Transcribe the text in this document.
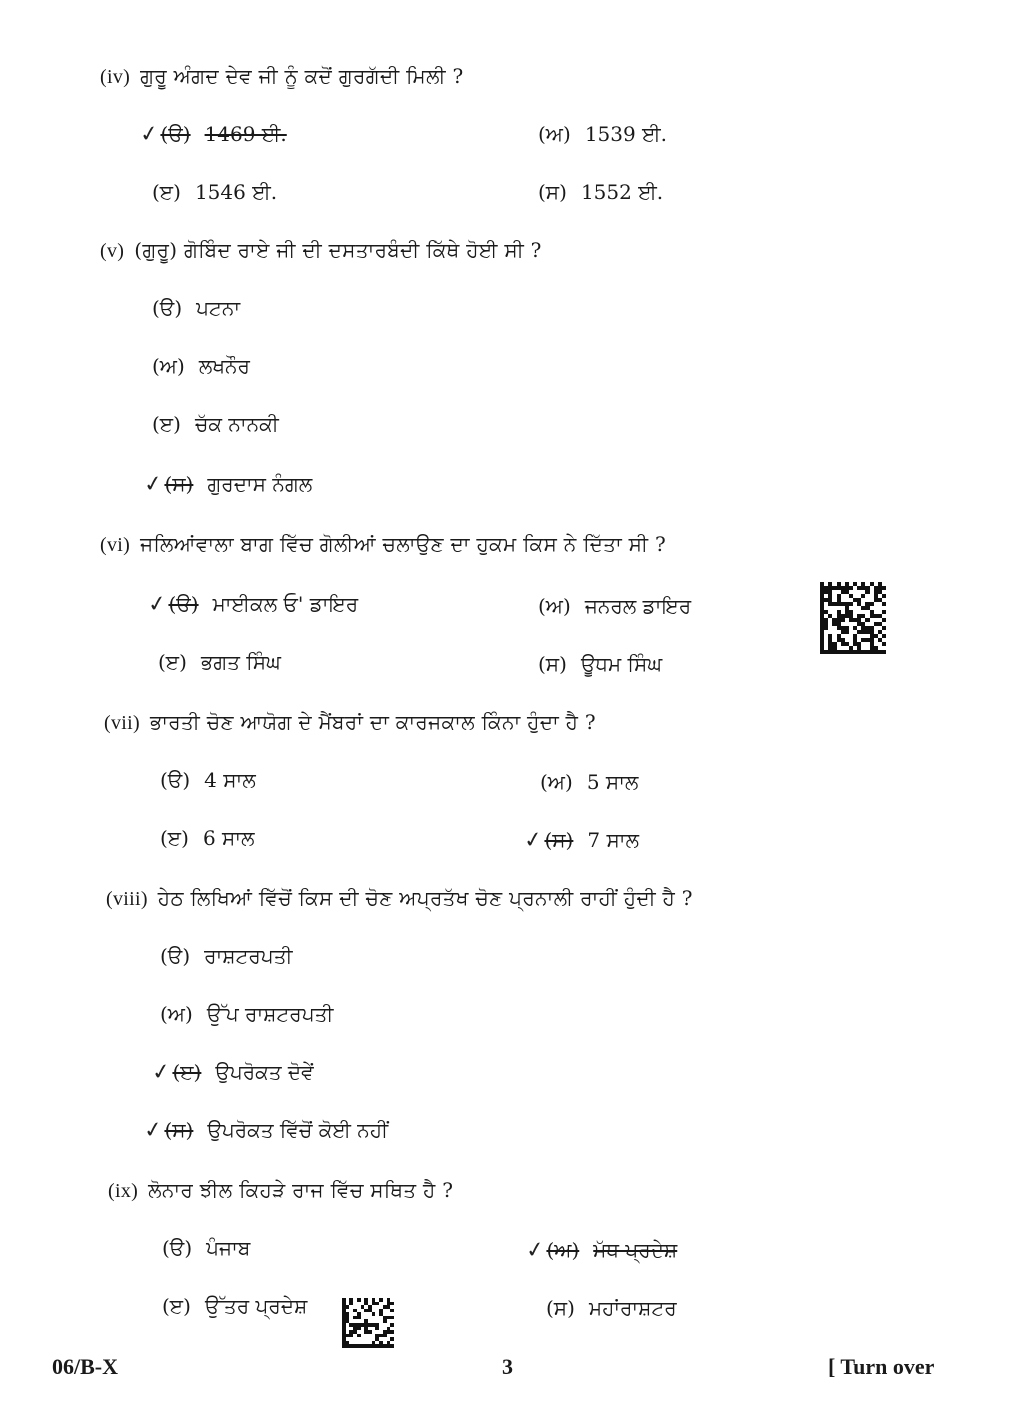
(iv) ਗੁਰੂ ਅੰਗਦ ਦੇਵ ਜੀ ਨੂੰ ਕਦੋਂ ਗੁਰਗੱਦੀ ਮਿਲੀ ?
✓(ੳ) 1469 ਈ.	(ਅ) 1539 ਈ.
(ੲ) 1546 ਈ.	(ਸ) 1552 ਈ.
(v) (ਗੁਰੂ) ਗੋਬਿੰਦ ਰਾਏ ਜੀ ਦੀ ਦਸਤਾਰਬੰਦੀ ਕਿੱਥੇ ਹੋਈ ਸੀ ?
(ੳ) ਪਟਨਾ
(ਅ) ਲਖਨੌਰ
(ੲ) ਚੱਕ ਨਾਨਕੀ
✓(ਸ) ਗੁਰਦਾਸ ਨੰਗਲ
(vi) ਜਲਿਆਂਵਾਲਾ ਬਾਗ ਵਿੱਚ ਗੋਲੀਆਂ ਚਲਾਉਣ ਦਾ ਹੁਕਮ ਕਿਸ ਨੇ ਦਿੱਤਾ ਸੀ ?
✓(ੳ) ਮਾਈਕਲ ਓ' ਡਾਇਰ	(ਅ) ਜਨਰਲ ਡਾਇਰ
(ੲ) ਭਗਤ ਸਿੰਘ	(ਸ) ਊਧਮ ਸਿੰਘ
(vii) ਭਾਰਤੀ ਚੋਣ ਆਯੋਗ ਦੇ ਮੈਂਬਰਾਂ ਦਾ ਕਾਰਜਕਾਲ ਕਿੰਨਾ ਹੁੰਦਾ ਹੈ ?
(ੳ) 4 ਸਾਲ	(ਅ) 5 ਸਾਲ
(ੲ) 6 ਸਾਲ	✓(ਸ) 7 ਸਾਲ
(viii) ਹੇਠ ਲਿਖਿਆਂ ਵਿੱਚੋਂ ਕਿਸ ਦੀ ਚੋਣ ਅਪ੍ਰਤੱਖ ਚੋਣ ਪ੍ਰਨਾਲੀ ਰਾਹੀਂ ਹੁੰਦੀ ਹੈ ?
(ੳ) ਰਾਸ਼ਟਰਪਤੀ
(ਅ) ਉੱਪ ਰਾਸ਼ਟਰਪਤੀ
✓(ੲ) ਉਪਰੋਕਤ ਦੋਵੇਂ
✓(ਸ) ਉਪਰੋਕਤ ਵਿੱਚੋਂ ਕੋਈ ਨਹੀਂ
(ix) ਲੋਨਾਰ ਝੀਲ ਕਿਹੜੇ ਰਾਜ ਵਿੱਚ ਸਥਿਤ ਹੈ ?
(ੳ) ਪੰਜਾਬ	✓(ਅ) ਮੱਧ ਪ੍ਰਦੇਸ਼
(ੲ) ਉੱਤਰ ਪ੍ਰਦੇਸ਼	(ਸ) ਮਹਾਂਰਾਸ਼ਟਰ
06/B-X	3	[ Turn over
